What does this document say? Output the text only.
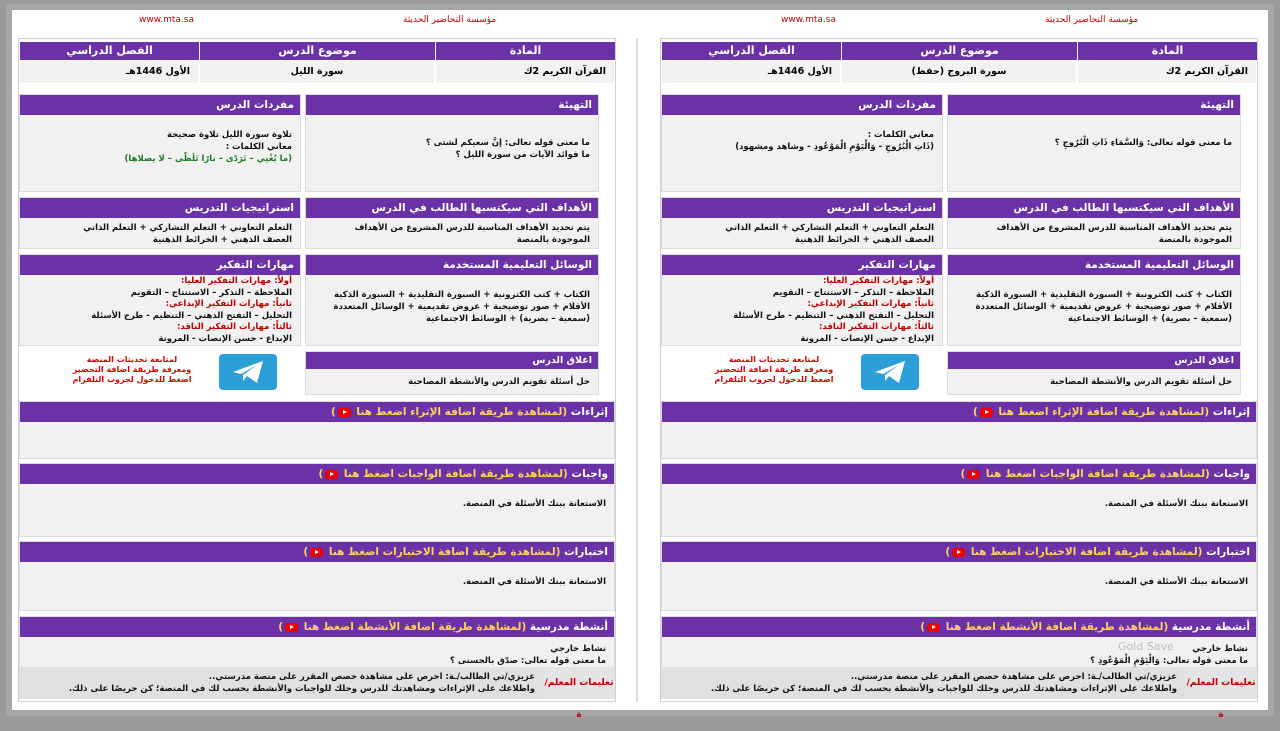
www.mta.sa	مؤسسة التحاضير الحديثة
المادة
موضوع الدرس
الفصل الدراسي
القرآن الكريم 2ك
سورة الليل
الأول 1446هـ
التهيئة
ما معنى قوله تعالى: إنَّ سعيكم لشتى ؟
ما فوائد الآيات من سورة الليل ؟
مفردات الدرس
تلاوة سورة الليل تلاوة صحيحة
معاني الكلمات :
(ما يُغْنِي – تَرَدّى – نارًا تَلَظّى – لا يصلاها)
الأهداف التي سيكتسبها الطالب في الدرس
يتم تحديد الأهداف المناسبة للدرس المشروع من الأهداف الموجودة بالمنصة
استراتيجيات التدريس
التعلم التعاوني + التعلم التشاركي + التعلم الذاتي
العصف الذهني + الخرائط الذهنية
الوسائل التعليمية المستخدمة
الكتاب + كتب الكترونية + السبورة التقليدية + السبورة الذكية
الأقلام + صور توضيحية + عروض تقديمية + الوسائل المتعددة
(سمعية – بصرية) + الوسائط الاجتماعية
مهارات التفكير
أولاً: مهارات التفكير العليا:
الملاحظة – التذكر – الاستنتاج – التقويم
ثانياً: مهارات التفكير الإبداعي:
التحليل – التفتح الذهني – التنظيم - طرح الأسئلة
ثالثاً: مهارات التفكير الناقد:
الإبداع - حسن الإنصات - المرونة
اغلاق الدرس
حل أسئلة تقويم الدرس والأنشطة المصاحبة
لمتابعة تحديثات المنصة
ومعرفة طريقة اضافة التحضير
اضغط للدخول لجروب التلقرام
إثراءات (لمشاهدة طريقة اضافة الإثراء اضغط هنا )
واجبات (لمشاهدة طريقة اضافة الواجبات اضغط هنا )
الاستعانة ببنك الأسئلة في المنصة.
اختبارات (لمشاهدة طريقة اضافة الاختبارات اضغط هنا )
الاستعانة ببنك الأسئلة في المنصة.
أنشطة مدرسية (لمشاهدة طريقة اضافة الأنشطة اضغط هنا )
نشاط خارجي
ما معنى قوله تعالى: صدّق بالحسنى ؟
تعليمات المعلم/ة
عزيزي/تي الطالب/ـة: احرص على مشاهدة حصص المقرر على منصة مدرستي..
واطلاعك على الإثراءات ومشاهدتك للدرس وحلك للواجبات والأنشطة بحسب لك في المنصة؛ كن حريصًا على ذلك.
www.mta.sa	مؤسسة التحاضير الحديثة
المادة
موضوع الدرس
الفصل الدراسي
القرآن الكريم 2ك
سورة البروج (حفظ)
الأول 1446هـ
التهيئة
ما معنى قوله تعالى: وَالسَّمَاءِ ذَاتِ الْبُرُوجِ ؟
مفردات الدرس
معاني الكلمات :
(ذَاتِ الْبُرُوجِ - وَالْيَوْمِ الْمَوْعُودِ - وشاهد ومشهود)
الأهداف التي سيكتسبها الطالب في الدرس
يتم تحديد الأهداف المناسبة للدرس المشروع من الأهداف الموجودة بالمنصة
استراتيجيات التدريس
التعلم التعاوني + التعلم التشاركي + التعلم الذاتي
العصف الذهني + الخرائط الذهنية
الوسائل التعليمية المستخدمة
الكتاب + كتب الكترونية + السبورة التقليدية + السبورة الذكية
الأقلام + صور توضيحية + عروض تقديمية + الوسائل المتعددة
(سمعية – بصرية) + الوسائط الاجتماعية
مهارات التفكير
أولاً: مهارات التفكير العليا:
الملاحظة – التذكر – الاستنتاج – التقويم
ثانياً: مهارات التفكير الإبداعي:
التحليل – التفتح الذهني – التنظيم - طرح الأسئلة
ثالثاً: مهارات التفكير الناقد:
الإبداع - حسن الإنصات - المرونة
اغلاق الدرس
حل أسئلة تقويم الدرس والأنشطة المصاحبة
لمتابعة تحديثات المنصة
ومعرفة طريقة اضافة التحضير
اضغط للدخول لجروب التلقرام
إثراءات (لمشاهدة طريقة اضافة الإثراء اضغط هنا )
واجبات (لمشاهدة طريقة اضافة الواجبات اضغط هنا )
الاستعانة ببنك الأسئلة في المنصة.
اختبارات (لمشاهدة طريقة اضافة الاختبارات اضغط هنا )
الاستعانة ببنك الأسئلة في المنصة.
أنشطة مدرسية (لمشاهدة طريقة اضافة الأنشطة اضغط هنا )
نشاط خارجي
ما معنى قوله تعالى: وَالْيَوْمِ الْمَوْعُودِ ؟
تعليمات المعلم/ة
عزيزي/تي الطالب/ـة: احرص على مشاهدة حصص المقرر على منصة مدرستي..
واطلاعك على الإثراءات ومشاهدتك للدرس وحلك للواجبات والأنشطة بحسب لك في المنصة؛ كن حريصًا على ذلك.
Gold Save
